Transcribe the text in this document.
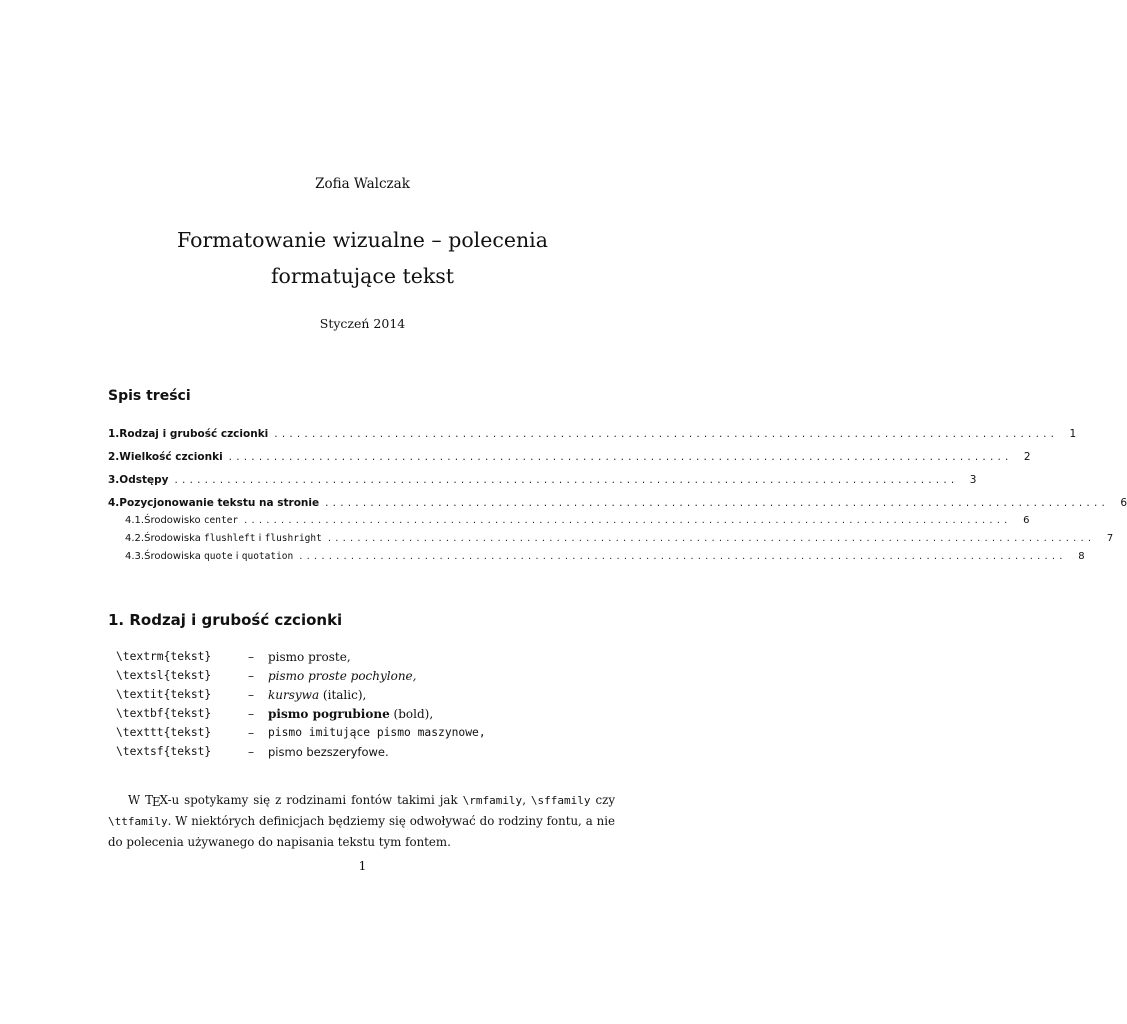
Zofia Walczak
Formatowanie wizualne – polecenia
formatujące tekst
Styczeń 2014
Spis treści
1. Rodzaj i grubość czcionki ........................................................................................................	1
2. Wielkość czcionki ........................................................................................................	2
3. Odstępy ........................................................................................................	3
4. Pozycjonowanie tekstu na stronie ........................................................................................................	6
4.1. Środowisko center ........................................................................................................	6
4.2. Środowiska flushleft i flushright ........................................................................................................	7
4.3. Środowiska quote i quotation ........................................................................................................	8
1. Rodzaj i grubość czcionki
\textrm{tekst}	– pismo proste,
\textsl{tekst}	– pismo proste pochylone,
\textit{tekst}	– kursywa (italic),
\textbf{tekst}	– pismo pogrubione (bold),
\texttt{tekst}	– pismo imitujące pismo maszynowe,
\textsf{tekst}	– pismo bezszeryfowe.
W TEX-u spotykamy się z rodzinami fontów takimi jak \rmfamily, \sffamily czy \ttfamily. W niektórych definicjach będziemy się odwoływać do rodziny fontu, a nie do polecenia używanego do napisania tekstu tym fontem.
1
